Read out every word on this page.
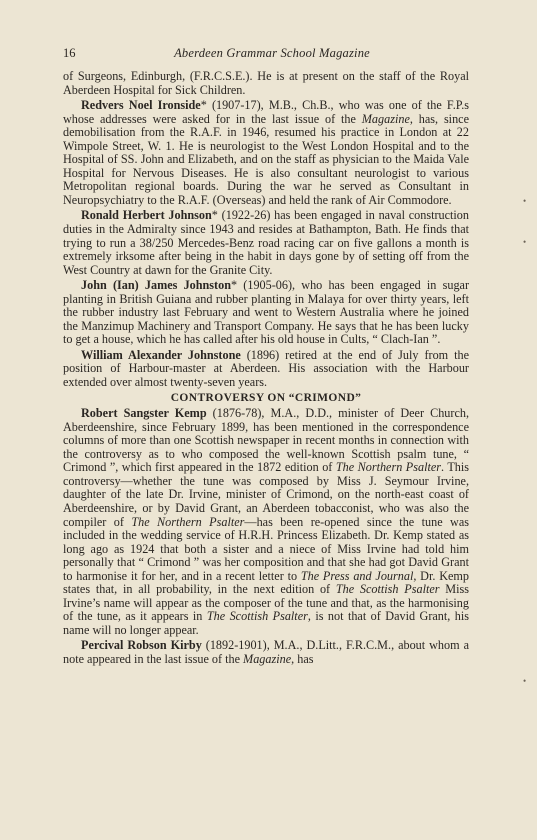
16	Aberdeen Grammar School Magazine

of Surgeons, Edinburgh, (F.R.C.S.E.). He is at present on the staff of the Royal Aberdeen Hospital for Sick Children.

Redvers Noel Ironside* (1907-17), M.B., Ch.B., who was one of the F.P.s whose addresses were asked for in the last issue of the Magazine, has, since demobilisation from the R.A.F. in 1946, resumed his practice in London at 22 Wimpole Street, W. 1. He is neurologist to the West London Hospital and to the Hospital of SS. John and Elizabeth, and on the staff as physician to the Maida Vale Hospital for Nervous Diseases. He is also consultant neurologist to various Metropolitan regional boards. During the war he served as Consultant in Neuropsychiatry to the R.A.F. (Overseas) and held the rank of Air Commodore.

Ronald Herbert Johnson* (1922-26) has been engaged in naval construction duties in the Admiralty since 1943 and resides at Bathampton, Bath. He finds that trying to run a 38/250 Mercedes-Benz road racing car on five gallons a month is extremely irksome after being in the habit in days gone by of setting off from the West Country at dawn for the Granite City.

John (Ian) James Johnston* (1905-06), who has been engaged in sugar planting in British Guiana and rubber planting in Malaya for over thirty years, left the rubber industry last February and went to Western Australia where he joined the Manzimup Machinery and Transport Company. He says that he has been lucky to get a house, which he has called after his old house in Cults, “ Clach-Ian ”.

William Alexander Johnstone (1896) retired at the end of July from the position of Harbour-master at Aberdeen. His association with the Harbour extended over almost twenty-seven years.

CONTROVERSY ON “CRIMOND”

Robert Sangster Kemp (1876-78), M.A., D.D., minister of Deer Church, Aberdeenshire, since February 1899, has been mentioned in the correspondence columns of more than one Scottish newspaper in recent months in connection with the controversy as to who composed the well-known Scottish psalm tune, “ Crimond ”, which first appeared in the 1872 edition of The Northern Psalter. This controversy—whether the tune was composed by Miss J. Seymour Irvine, daughter of the late Dr. Irvine, minister of Crimond, on the north-east coast of Aberdeenshire, or by David Grant, an Aberdeen tobacconist, who was also the compiler of The Northern Psalter—has been re-opened since the tune was included in the wedding service of H.R.H. Princess Elizabeth. Dr. Kemp stated as long ago as 1924 that both a sister and a niece of Miss Irvine had told him personally that “ Crimond ” was her composition and that she had got David Grant to harmonise it for her, and in a recent letter to The Press and Journal, Dr. Kemp states that, in all probability, in the next edition of The Scottish Psalter Miss Irvine’s name will appear as the composer of the tune and that, as the harmonising of the tune, as it appears in The Scottish Psalter, is not that of David Grant, his name will no longer appear.

Percival Robson Kirby (1892-1901), M.A., D.Litt., F.R.C.M., about whom a note appeared in the last issue of the Magazine, has

•
•
•
